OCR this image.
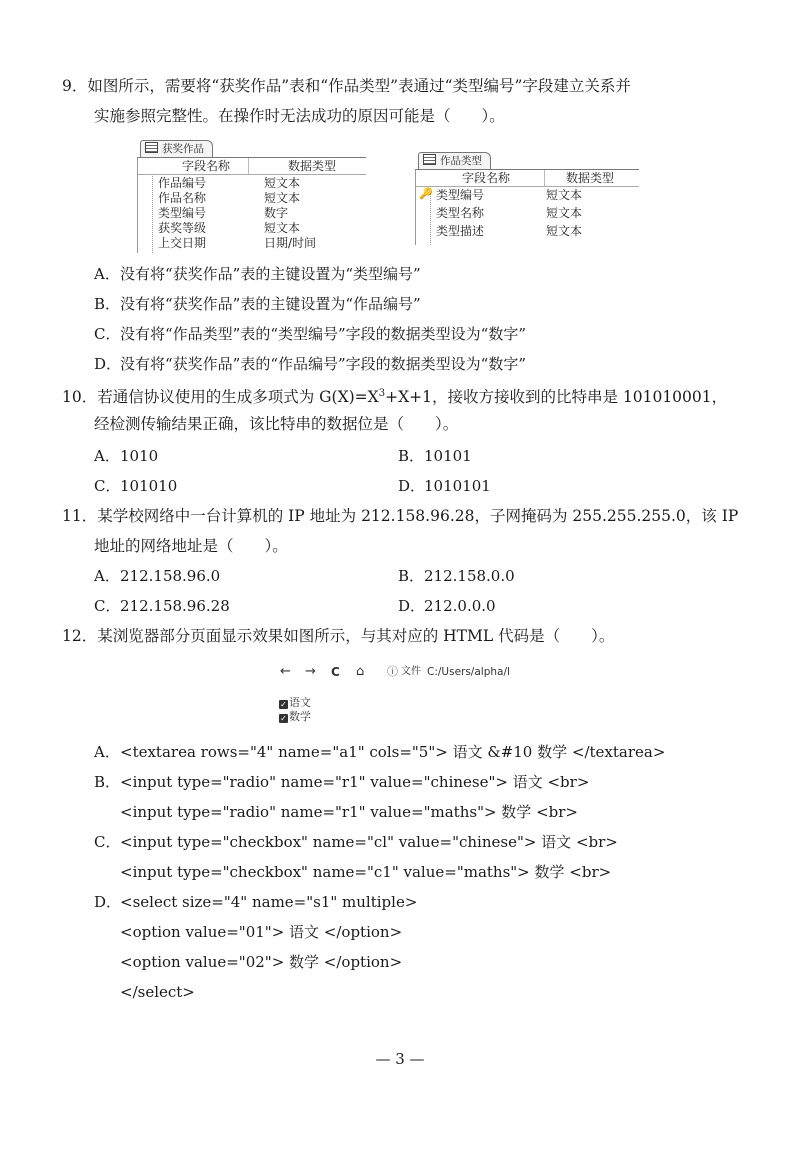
9．如图所示，需要将“获奖作品”表和“作品类型”表通过“类型编号”字段建立关系并
实施参照完整性。在操作时无法成功的原因可能是（　　）。
获奖作品
字段名称	数据类型
作品编号	短文本
作品名称	短文本
类型编号	数字
获奖等级	短文本
上交日期	日期/时间
作品类型
🔑
字段名称	数据类型
类型编号	短文本
类型名称	短文本
类型描述	短文本
A．没有将“获奖作品”表的主键设置为“类型编号”
B．没有将“获奖作品”表的主键设置为“作品编号”
C．没有将“作品类型”表的“类型编号”字段的数据类型设为“数字”
D．没有将“获奖作品”表的“作品编号”字段的数据类型设为“数字”
10．若通信协议使用的生成多项式为 $G(X)=X^3+X+1$，接收方接收到的比特串是 101010001，
经检测传输结果正确，该比特串的数据位是（　　）。
A．1010	B．10101
C．101010	D．1010101
11．某学校网络中一台计算机的 IP 地址为 212.158.96.28，子网掩码为 255.255.255.0，该 IP
地址的网络地址是（　　）。
A．212.158.96.0	B．212.158.0.0
C．212.158.96.28	D．212.0.0.0
12．某浏览器部分页面显示效果如图所示，与其对应的 HTML 代码是（　　）。
← → C ⌂ ⓘ 文件 C:/Users/alpha/l
✓ 语文
✓ 数学
A．<textarea rows="4" name="a1" cols="5"> 语文 &#10 数学 </textarea>
B．<input type="radio" name="r1" value="chinese"> 语文 <br>
<input type="radio" name="r1" value="maths"> 数学 <br>
C．<input type="checkbox" name="cl" value="chinese"> 语文 <br>
<input type="checkbox" name="c1" value="maths"> 数学 <br>
D．<select size="4" name="s1" multiple>
<option value="01"> 语文 </option>
<option value="02"> 数学 </option>
</select>
— 3 —
